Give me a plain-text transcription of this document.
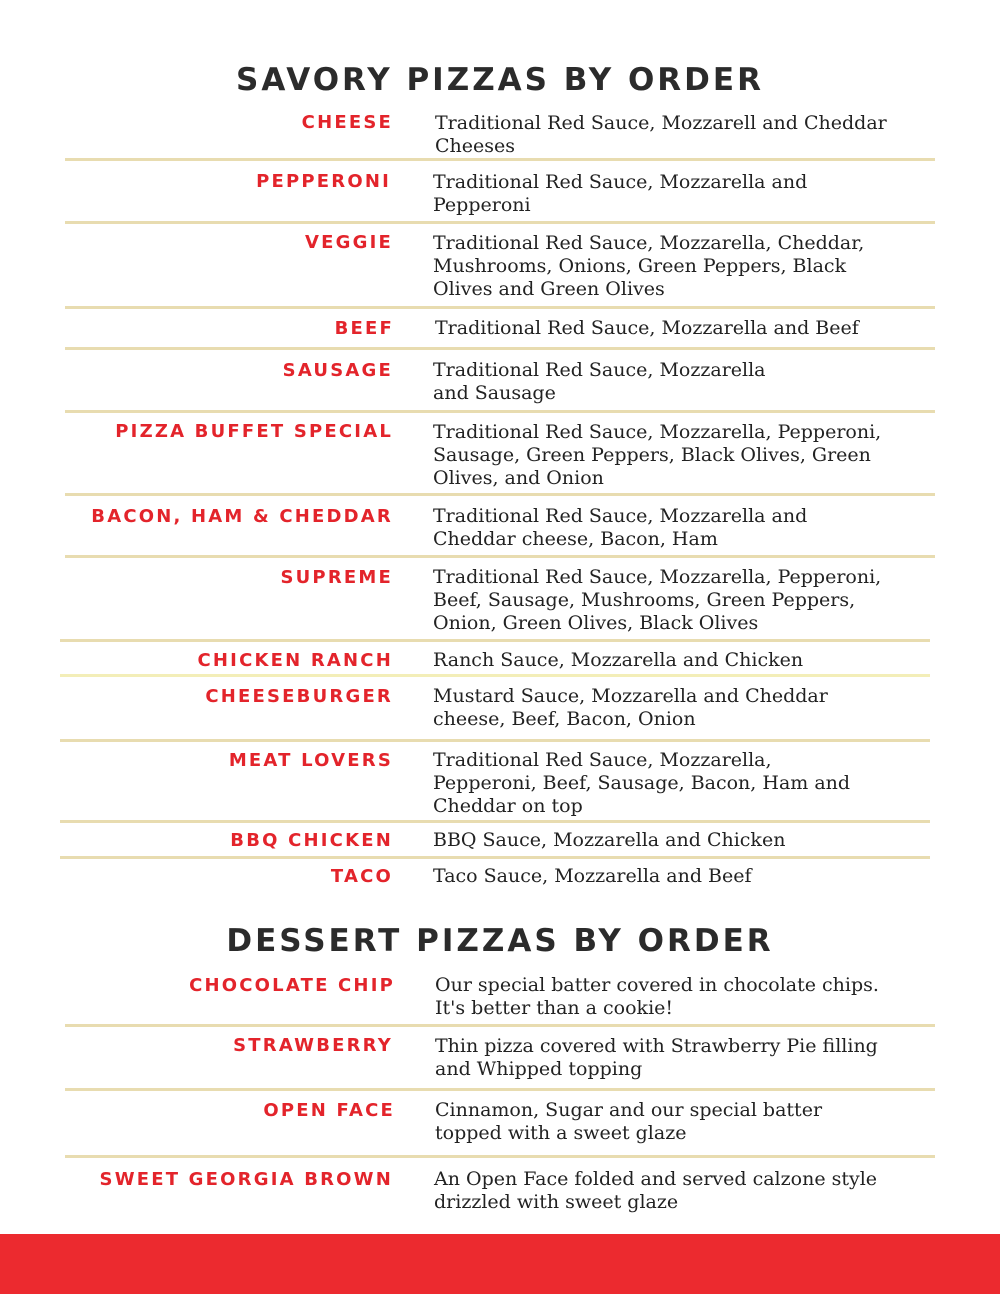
SAVORY PIZZAS BY ORDER
CHEESE Traditional Red Sauce, Mozzarell and Cheddar Cheeses
PEPPERONI Traditional Red Sauce, Mozzarella and Pepperoni
VEGGIE Traditional Red Sauce, Mozzarella, Cheddar, Mushrooms, Onions, Green Peppers, Black Olives and Green Olives
BEEF Traditional Red Sauce, Mozzarella and Beef
SAUSAGE Traditional Red Sauce, Mozzarella and Sausage
PIZZA BUFFET SPECIAL Traditional Red Sauce, Mozzarella, Pepperoni, Sausage, Green Peppers, Black Olives, Green Olives, and Onion
BACON, HAM & CHEDDAR Traditional Red Sauce, Mozzarella and Cheddar cheese, Bacon, Ham
SUPREME Traditional Red Sauce, Mozzarella, Pepperoni, Beef, Sausage, Mushrooms, Green Peppers, Onion, Green Olives, Black Olives
CHICKEN RANCH Ranch Sauce, Mozzarella and Chicken
CHEESEBURGER Mustard Sauce, Mozzarella and Cheddar cheese, Beef, Bacon, Onion
MEAT LOVERS Traditional Red Sauce, Mozzarella, Pepperoni, Beef, Sausage, Bacon, Ham and Cheddar on top
BBQ CHICKEN BBQ Sauce, Mozzarella and Chicken
TACO Taco Sauce, Mozzarella and Beef
DESSERT PIZZAS BY ORDER
CHOCOLATE CHIP Our special batter covered in chocolate chips. It's better than a cookie!
STRAWBERRY Thin pizza covered with Strawberry Pie filling and Whipped topping
OPEN FACE Cinnamon, Sugar and our special batter topped with a sweet glaze
SWEET GEORGIA BROWN An Open Face folded and served calzone style drizzled with sweet glaze
